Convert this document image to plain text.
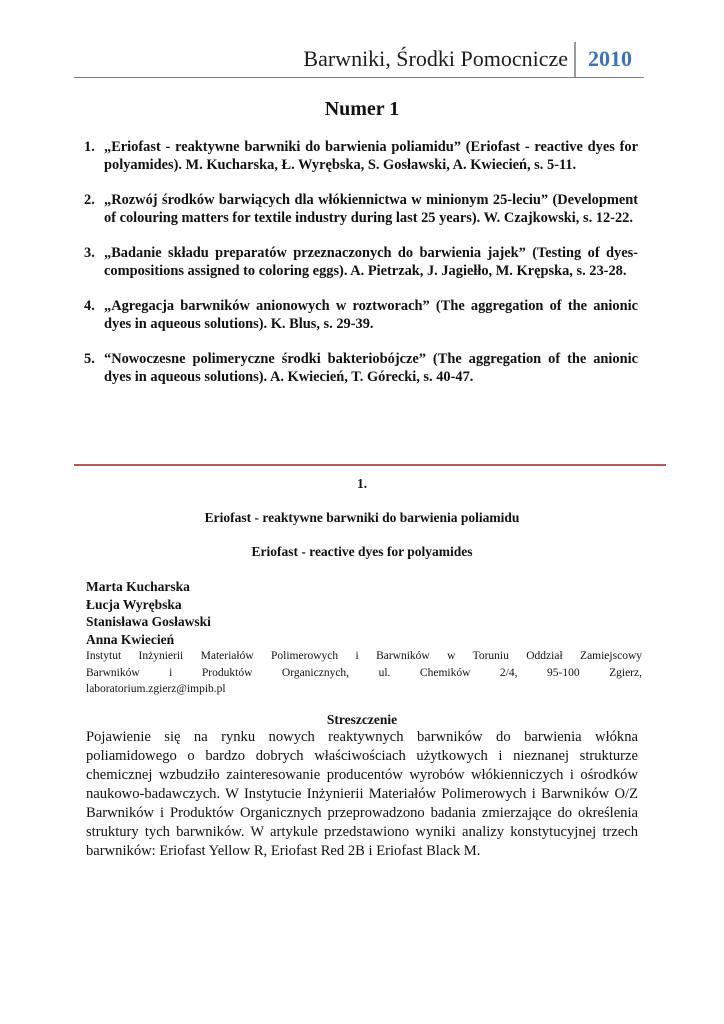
Barwniki, Środki Pomocnicze 2010
Numer 1
1. „Eriofast - reaktywne barwniki do barwienia poliamidu” (Eriofast - reactive dyes for polyamides). M. Kucharska, Ł. Wyrębska, S. Gosławski, A. Kwiecień, s. 5-11.
2. „Rozwój środków barwiących dla włókiennictwa w minionym 25-leciu” (Development of colouring matters for textile industry during last 25 years). W. Czajkowski, s. 12-22.
3. „Badanie składu preparatów przeznaczonych do barwienia jajek” (Testing of dyes-compositions assigned to coloring eggs). A. Pietrzak, J. Jagiełło, M. Krępska, s. 23-28.
4. „Agregacja barwników anionowych w roztworach” (The aggregation of the anionic dyes in aqueous solutions). K. Blus, s. 29-39.
5. “Nowoczesne polimeryczne środki bakteriobójcze” (The aggregation of the anionic dyes in aqueous solutions). A. Kwiecień, T. Górecki, s. 40-47.
1.
Eriofast - reaktywne barwniki do barwienia poliamidu
Eriofast - reactive dyes for polyamides
Marta Kucharska
Łucja Wyrębska
Stanisława Gosławski
Anna Kwiecień
Instytut Inżynierii Materiałów Polimerowych i Barwników w Toruniu Oddział Zamiejscowy
Barwników i Produktów Organicznych, ul. Chemików 2/4, 95-100 Zgierz,
laboratorium.zgierz@impib.pl
Streszczenie
Pojawienie się na rynku nowych reaktywnych barwników do barwienia włókna poliamidowego o bardzo dobrych właściwościach użytkowych i nieznanej strukturze chemicznej wzbudziło zainteresowanie producentów wyrobów włókienniczych i ośrodków naukowo-badawczych. W Instytucie Inżynierii Materiałów Polimerowych i Barwników O/Z Barwników i Produktów Organicznych przeprowadzono badania zmierzające do określenia struktury tych barwników. W artykule przedstawiono wyniki analizy konstytucyjnej trzech barwników: Eriofast Yellow R, Eriofast Red 2B i Eriofast Black M.
